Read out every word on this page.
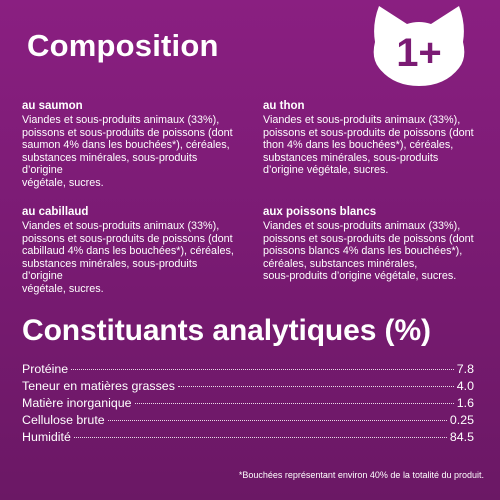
Composition	1+
au saumon
Viandes et sous-produits animaux (33%),
poissons et sous-produits de poissons (dont
saumon 4% dans les bouchées*), céréales,
substances minérales, sous-produits d’origine
végétale, sucres.
au thon
Viandes et sous-produits animaux (33%),
poissons et sous-produits de poissons (dont
thon 4% dans les bouchées*), céréales,
substances minérales, sous-produits
d’origine végétale, sucres.
au cabillaud
Viandes et sous-produits animaux (33%),
poissons et sous-produits de poissons (dont
cabillaud 4% dans les bouchées*), céréales,
substances minérales, sous-produits d’origine
végétale, sucres.
aux poissons blancs
Viandes et sous-produits animaux (33%),
poissons et sous-produits de poissons (dont
poissons blancs 4% dans les bouchées*),
céréales, substances minérales,
sous-produits d’origine végétale, sucres.
Constituants analytiques (%)
Protéine	7.8
Teneur en matières grasses	4.0
Matière inorganique	1.6
Cellulose brute	0.25
Humidité	84.5
*Bouchées représentant environ 40% de la totalité du produit.
